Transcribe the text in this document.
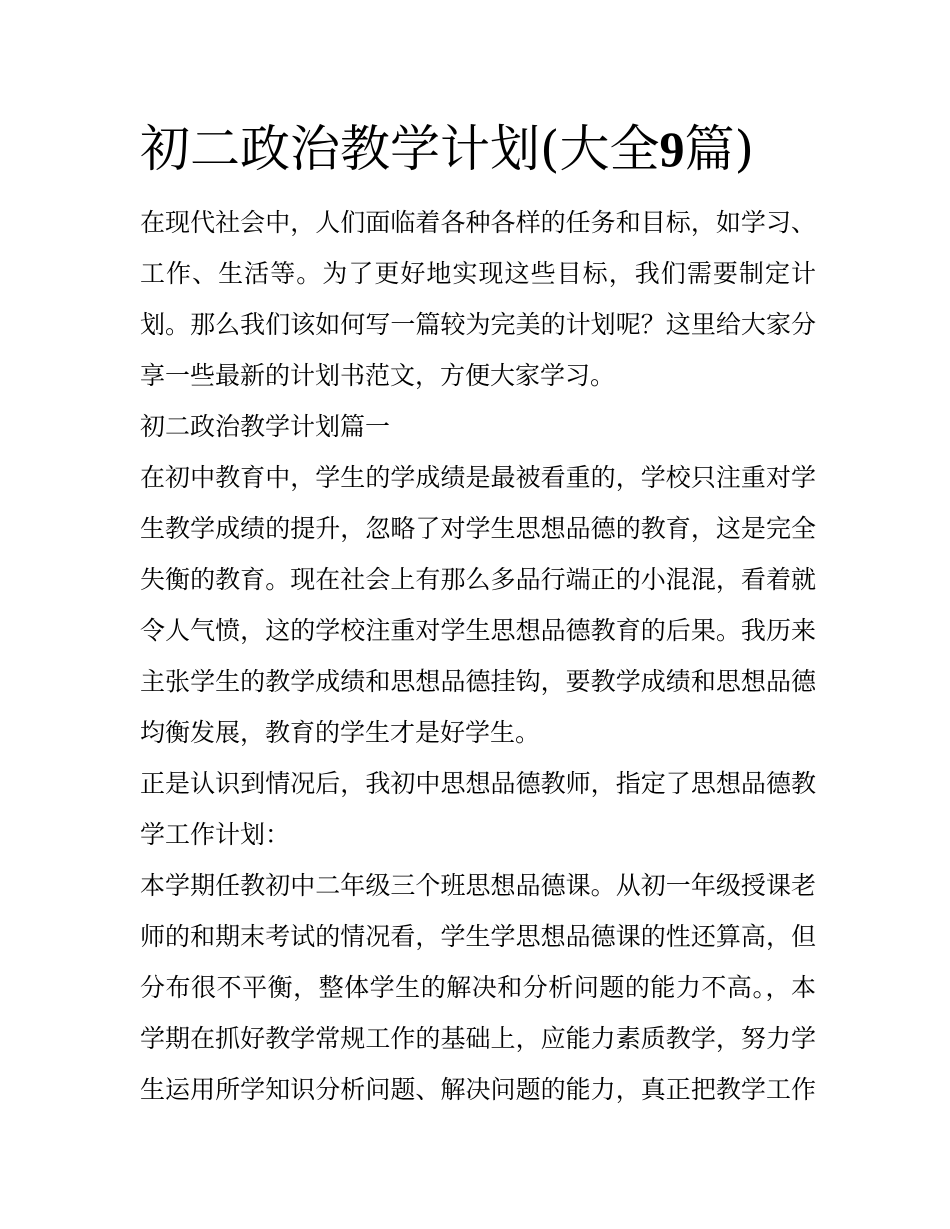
初二政治教学计划(大全9篇)
在现代社会中，人们面临着各种各样的任务和目标，如学习、
工作、生活等。为了更好地实现这些目标，我们需要制定计
划。那么我们该如何写一篇较为完美的计划呢？这里给大家分
享一些最新的计划书范文，方便大家学习。
初二政治教学计划篇一
在初中教育中，学生的学成绩是最被看重的，学校只注重对学
生教学成绩的提升，忽略了对学生思想品德的教育，这是完全
失衡的教育。现在社会上有那么多品行端正的小混混，看着就
令人气愤，这的学校注重对学生思想品德教育的后果。我历来
主张学生的教学成绩和思想品德挂钩，要教学成绩和思想品德
均衡发展，教育的学生才是好学生。
正是认识到情况后，我初中思想品德教师，指定了思想品德教
学工作计划：
本学期任教初中二年级三个班思想品德课。从初一年级授课老
师的和期末考试的情况看，学生学思想品德课的性还算高，但
分布很不平衡，整体学生的解决和分析问题的能力不高。，本
学期在抓好教学常规工作的基础上，应能力素质教学，努力学
生运用所学知识分析问题、解决问题的能力，真正把教学工作
